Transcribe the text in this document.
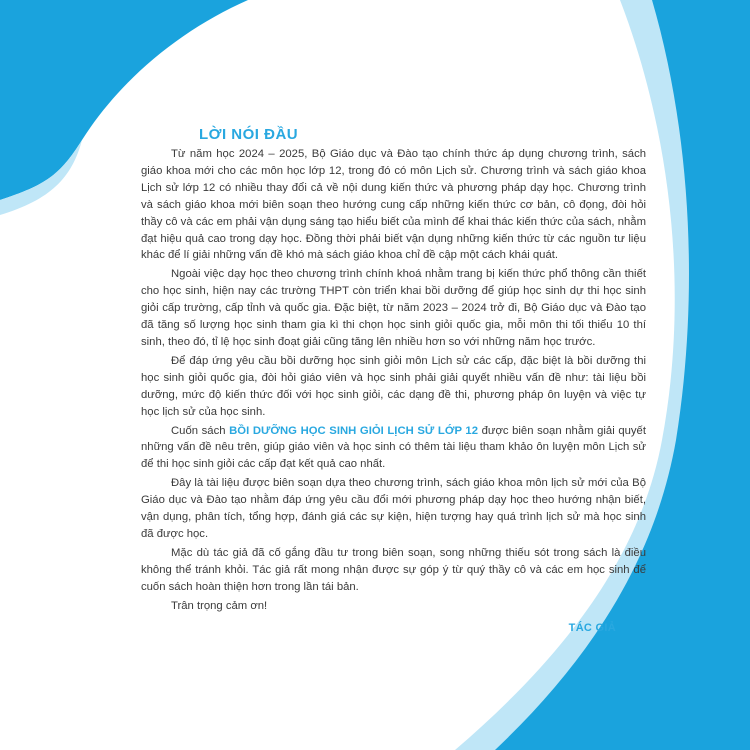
LỜI NÓI ĐẦU

Từ năm học 2024 – 2025, Bộ Giáo dục và Đào tạo chính thức áp dụng chương trình, sách giáo khoa mới cho các môn học lớp 12, trong đó có môn Lịch sử. Chương trình và sách giáo khoa Lịch sử lớp 12 có nhiều thay đổi cả về nội dung kiến thức và phương pháp dạy học. Chương trình và sách giáo khoa mới biên soạn theo hướng cung cấp những kiến thức cơ bản, cô đọng, đòi hỏi thầy cô và các em phải vận dụng sáng tạo hiểu biết của mình để khai thác kiến thức của sách, nhằm đạt hiệu quả cao trong dạy học. Đồng thời phải biết vận dụng những kiến thức từ các nguồn tư liệu khác để lí giải những vấn đề khó mà sách giáo khoa chỉ đề cập một cách khái quát.

Ngoài việc dạy học theo chương trình chính khoá nhằm trang bị kiến thức phổ thông cần thiết cho học sinh, hiện nay các trường THPT còn triển khai bồi dưỡng để giúp học sinh dự thi học sinh giỏi cấp trường, cấp tỉnh và quốc gia. Đặc biệt, từ năm 2023 – 2024 trở đi, Bộ Giáo dục và Đào tạo đã tăng số lượng học sinh tham gia kì thi chọn học sinh giỏi quốc gia, mỗi môn thi tối thiểu 10 thí sinh, theo đó, tỉ lệ học sinh đoạt giải cũng tăng lên nhiều hơn so với những năm học trước.

Để đáp ứng yêu cầu bồi dưỡng học sinh giỏi môn Lịch sử các cấp, đặc biệt là bồi dưỡng thi học sinh giỏi quốc gia, đòi hỏi giáo viên và học sinh phải giải quyết nhiều vấn đề như: tài liệu bồi dưỡng, mức độ kiến thức đối với học sinh giỏi, các dạng đề thi, phương pháp ôn luyện và việc tự học lịch sử của học sinh.

Cuốn sách BỒI DƯỠNG HỌC SINH GIỎI LỊCH SỬ LỚP 12 được biên soạn nhằm giải quyết những vấn đề nêu trên, giúp giáo viên và học sinh có thêm tài liệu tham khảo ôn luyện môn Lịch sử để thi học sinh giỏi các cấp đạt kết quả cao nhất.

Đây là tài liệu được biên soạn dựa theo chương trình, sách giáo khoa môn lịch sử mới của Bộ Giáo dục và Đào tạo nhằm đáp ứng yêu cầu đổi mới phương pháp dạy học theo hướng nhận biết, vận dụng, phân tích, tổng hợp, đánh giá các sự kiện, hiện tượng hay quá trình lịch sử mà học sinh đã được học.

Mặc dù tác giả đã cố gắng đầu tư trong biên soạn, song những thiếu sót trong sách là điều không thể tránh khỏi. Tác giả rất mong nhận được sự góp ý từ quý thầy cô và các em học sinh để cuốn sách hoàn thiện hơn trong lần tái bản.

Trân trọng cảm ơn!
TÁC GIẢ
